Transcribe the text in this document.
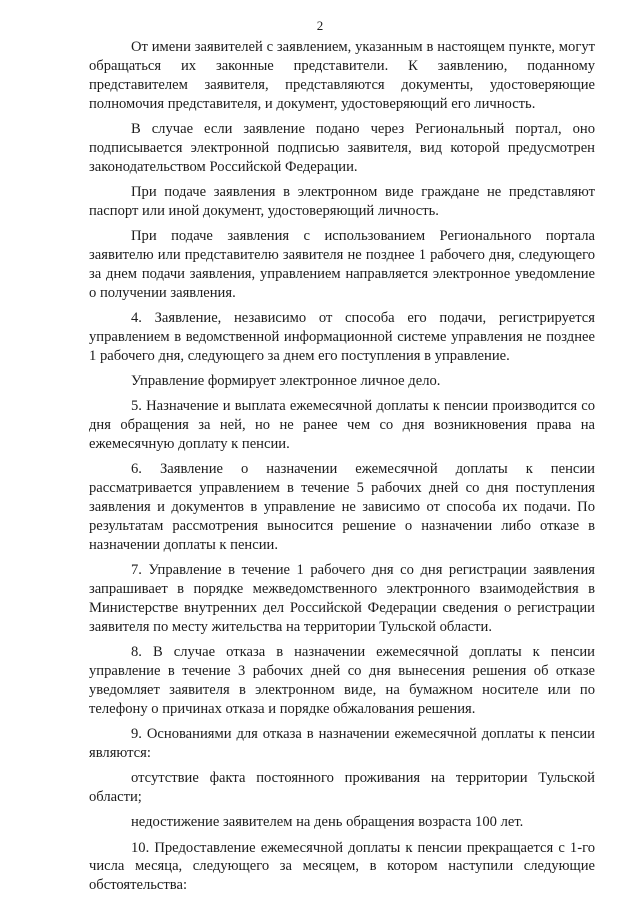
2

От имени заявителей с заявлением, указанным в настоящем пункте, могут обращаться их законные представители. К заявлению, поданному представителем заявителя, представляются документы, удостоверяющие полномочия представителя, и документ, удостоверяющий его личность.

В случае если заявление подано через Региональный портал, оно подписывается электронной подписью заявителя, вид которой предусмотрен законодательством Российской Федерации.

При подаче заявления в электронном виде граждане не представляют паспорт или иной документ, удостоверяющий личность.

При подаче заявления с использованием Регионального портала заявителю или представителю заявителя не позднее 1 рабочего дня, следующего за днем подачи заявления, управлением направляется электронное уведомление о получении заявления.

4. Заявление, независимо от способа его подачи, регистрируется управлением в ведомственной информационной системе управления не позднее 1 рабочего дня, следующего за днем его поступления в управление.

Управление формирует электронное личное дело.

5. Назначение и выплата ежемесячной доплаты к пенсии производится со дня обращения за ней, но не ранее чем со дня возникновения права на ежемесячную доплату к пенсии.

6. Заявление о назначении ежемесячной доплаты к пенсии рассматривается управлением в течение 5 рабочих дней со дня поступления заявления и документов в управление не зависимо от способа их подачи. По результатам рассмотрения выносится решение о назначении либо отказе в назначении доплаты к пенсии.

7. Управление в течение 1 рабочего дня со дня регистрации заявления запрашивает в порядке межведомственного электронного взаимодействия в Министерстве внутренних дел Российской Федерации сведения о регистрации заявителя по месту жительства на территории Тульской области.

8. В случае отказа в назначении ежемесячной доплаты к пенсии управление в течение 3 рабочих дней со дня вынесения решения об отказе уведомляет заявителя в электронном виде, на бумажном носителе или по телефону о причинах отказа и порядке обжалования решения.

9. Основаниями для отказа в назначении ежемесячной доплаты к пенсии являются:

отсутствие факта постоянного проживания на территории Тульской области;

недостижение заявителем на день обращения возраста 100 лет.

10. Предоставление ежемесячной доплаты к пенсии прекращается с 1-го числа месяца, следующего за месяцем, в котором наступили следующие обстоятельства:
